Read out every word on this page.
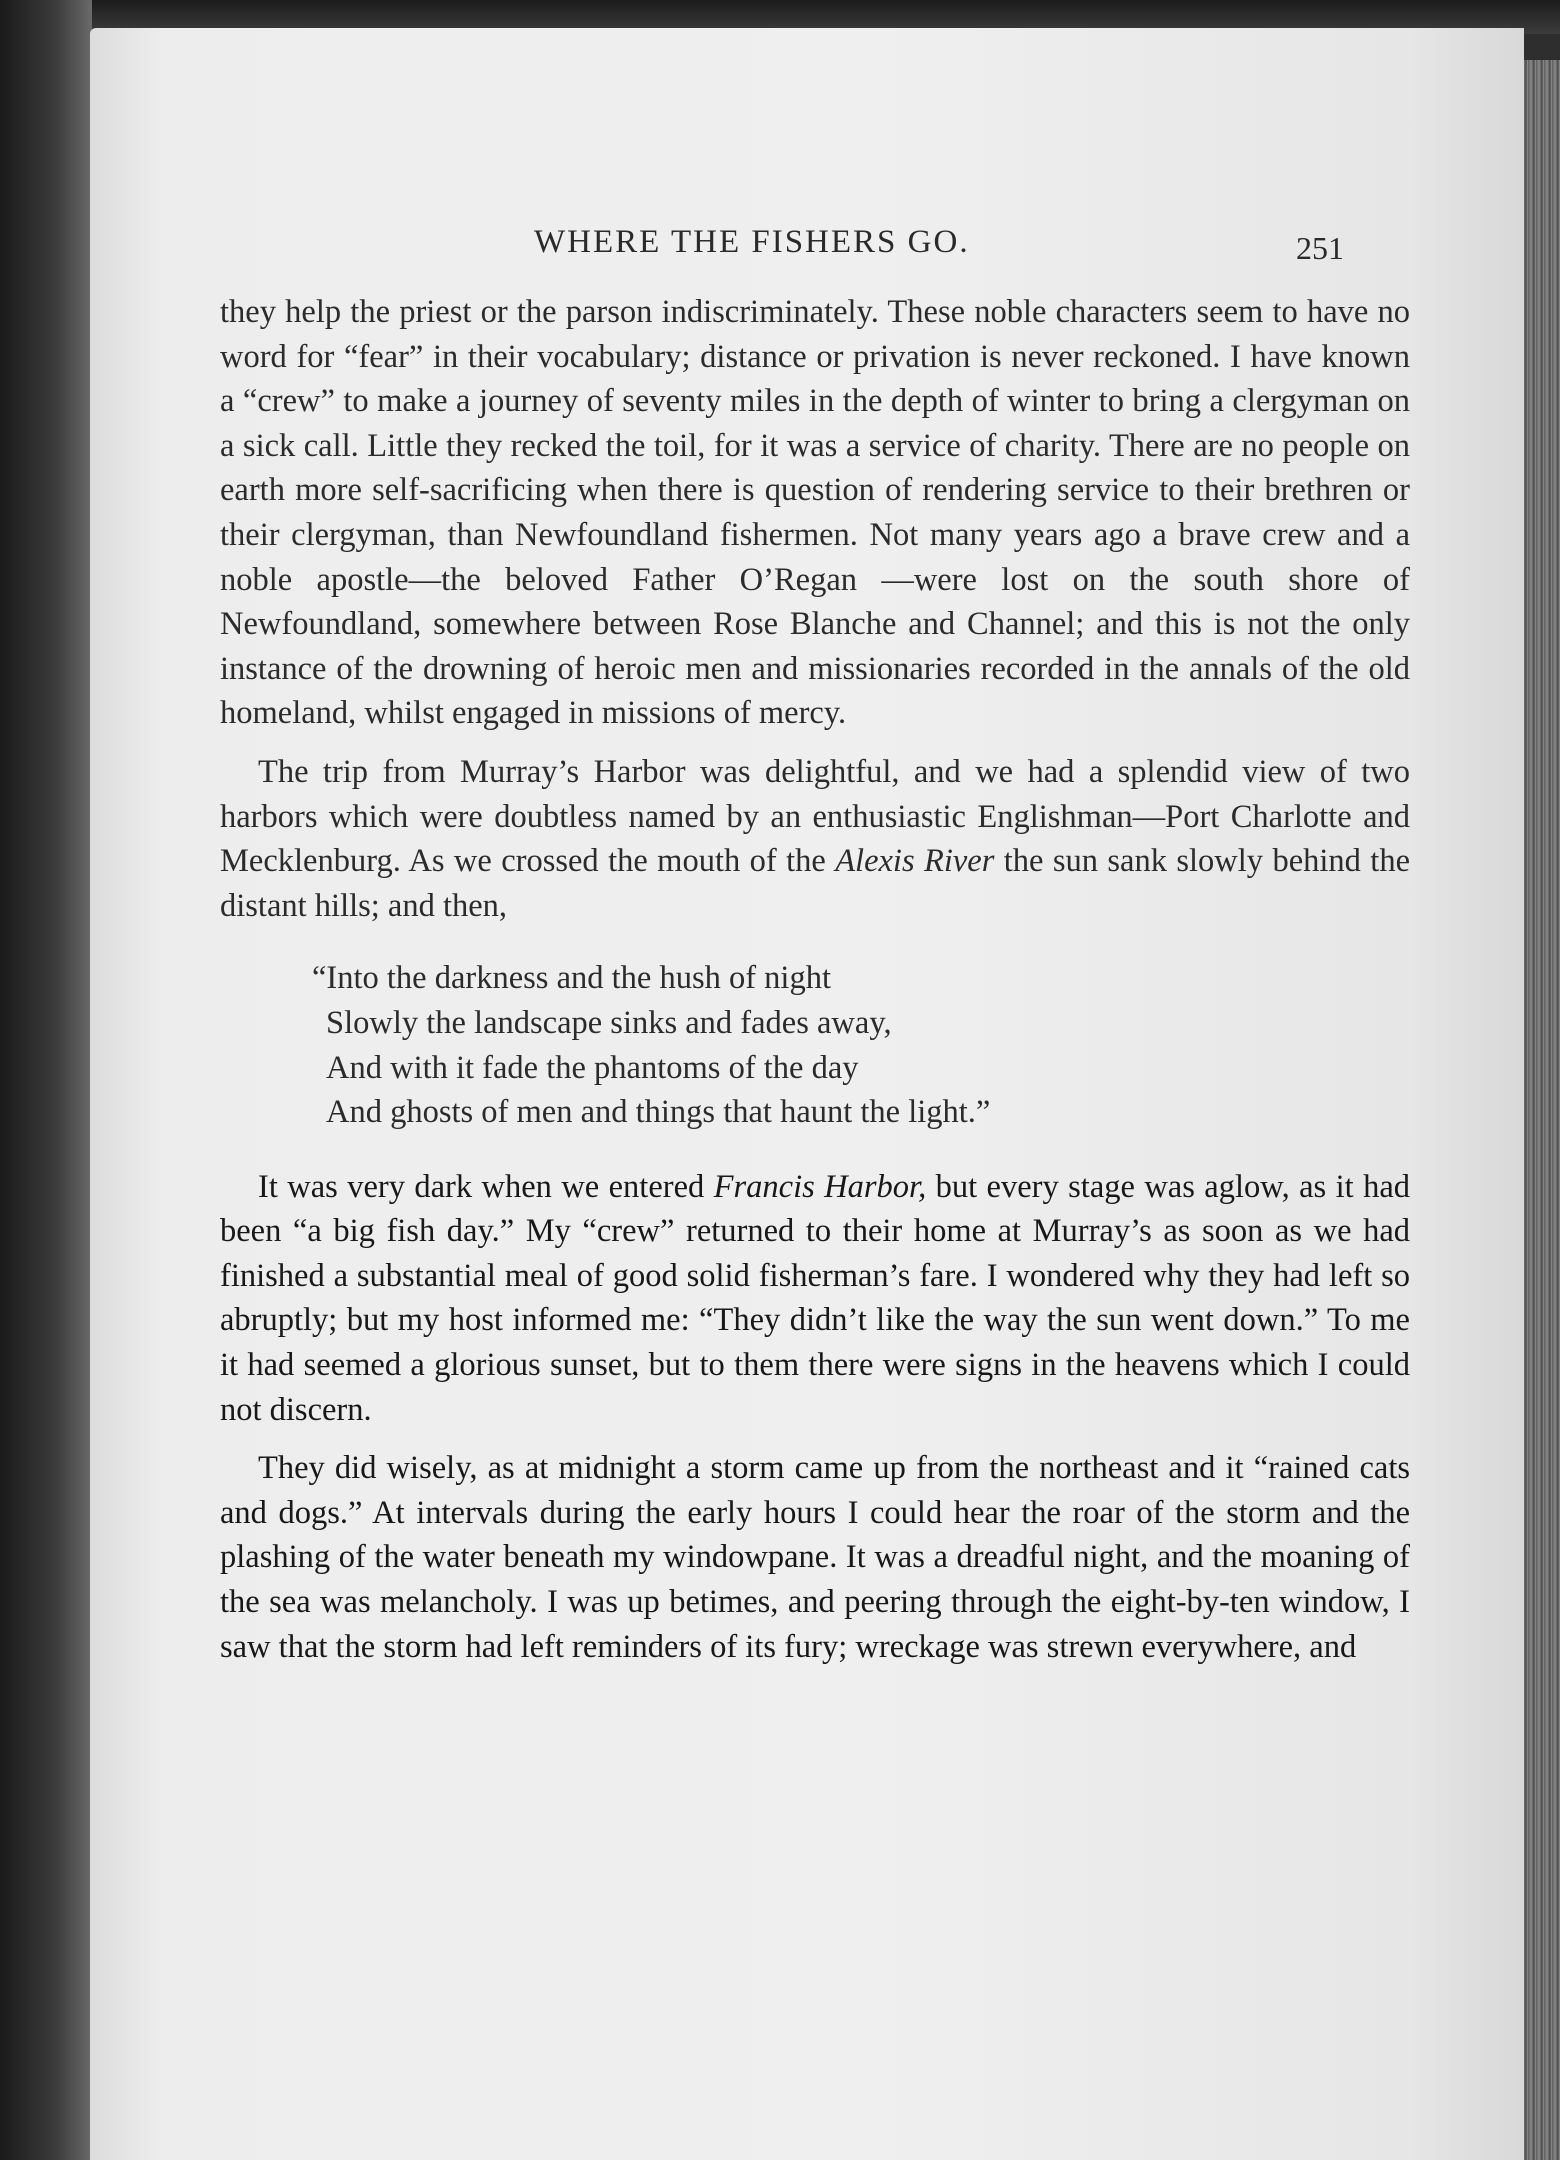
WHERE THE FISHERS GO.	251

they help the priest or the parson indiscriminately. These noble characters seem to have no word for “fear” in their vocabulary; distance or privation is never reckoned. I have known a “crew” to make a journey of seventy miles in the depth of winter to bring a clergyman on a sick call. Little they recked the toil, for it was a service of charity. There are no people on earth more self-sacrificing when there is question of rendering service to their brethren or their clergyman, than Newfoundland fishermen. Not many years ago a brave crew and a noble apostle—the beloved Father O’Regan —were lost on the south shore of Newfoundland, somewhere between Rose Blanche and Channel; and this is not the only instance of the drowning of heroic men and missionaries recorded in the annals of the old homeland, whilst engaged in missions of mercy.

The trip from Murray’s Harbor was delightful, and we had a splendid view of two harbors which were doubtless named by an enthusiastic Englishman—Port Charlotte and Mecklenburg. As we crossed the mouth of the Alexis River the sun sank slowly behind the distant hills; and then,

“Into the darkness and the hush of night
Slowly the landscape sinks and fades away,
And with it fade the phantoms of the day
And ghosts of men and things that haunt the light.”

It was very dark when we entered Francis Harbor, but every stage was aglow, as it had been “a big fish day.” My “crew” returned to their home at Murray’s as soon as we had finished a substantial meal of good solid fisherman’s fare. I wondered why they had left so abruptly; but my host informed me: “They didn’t like the way the sun went down.” To me it had seemed a glorious sunset, but to them there were signs in the heavens which I could not discern.

They did wisely, as at midnight a storm came up from the northeast and it “rained cats and dogs.” At intervals during the early hours I could hear the roar of the storm and the plashing of the water beneath my windowpane. It was a dreadful night, and the moaning of the sea was melancholy. I was up betimes, and peering through the eight-by-ten window, I saw that the storm had left reminders of its fury; wreckage was strewn everywhere, and
